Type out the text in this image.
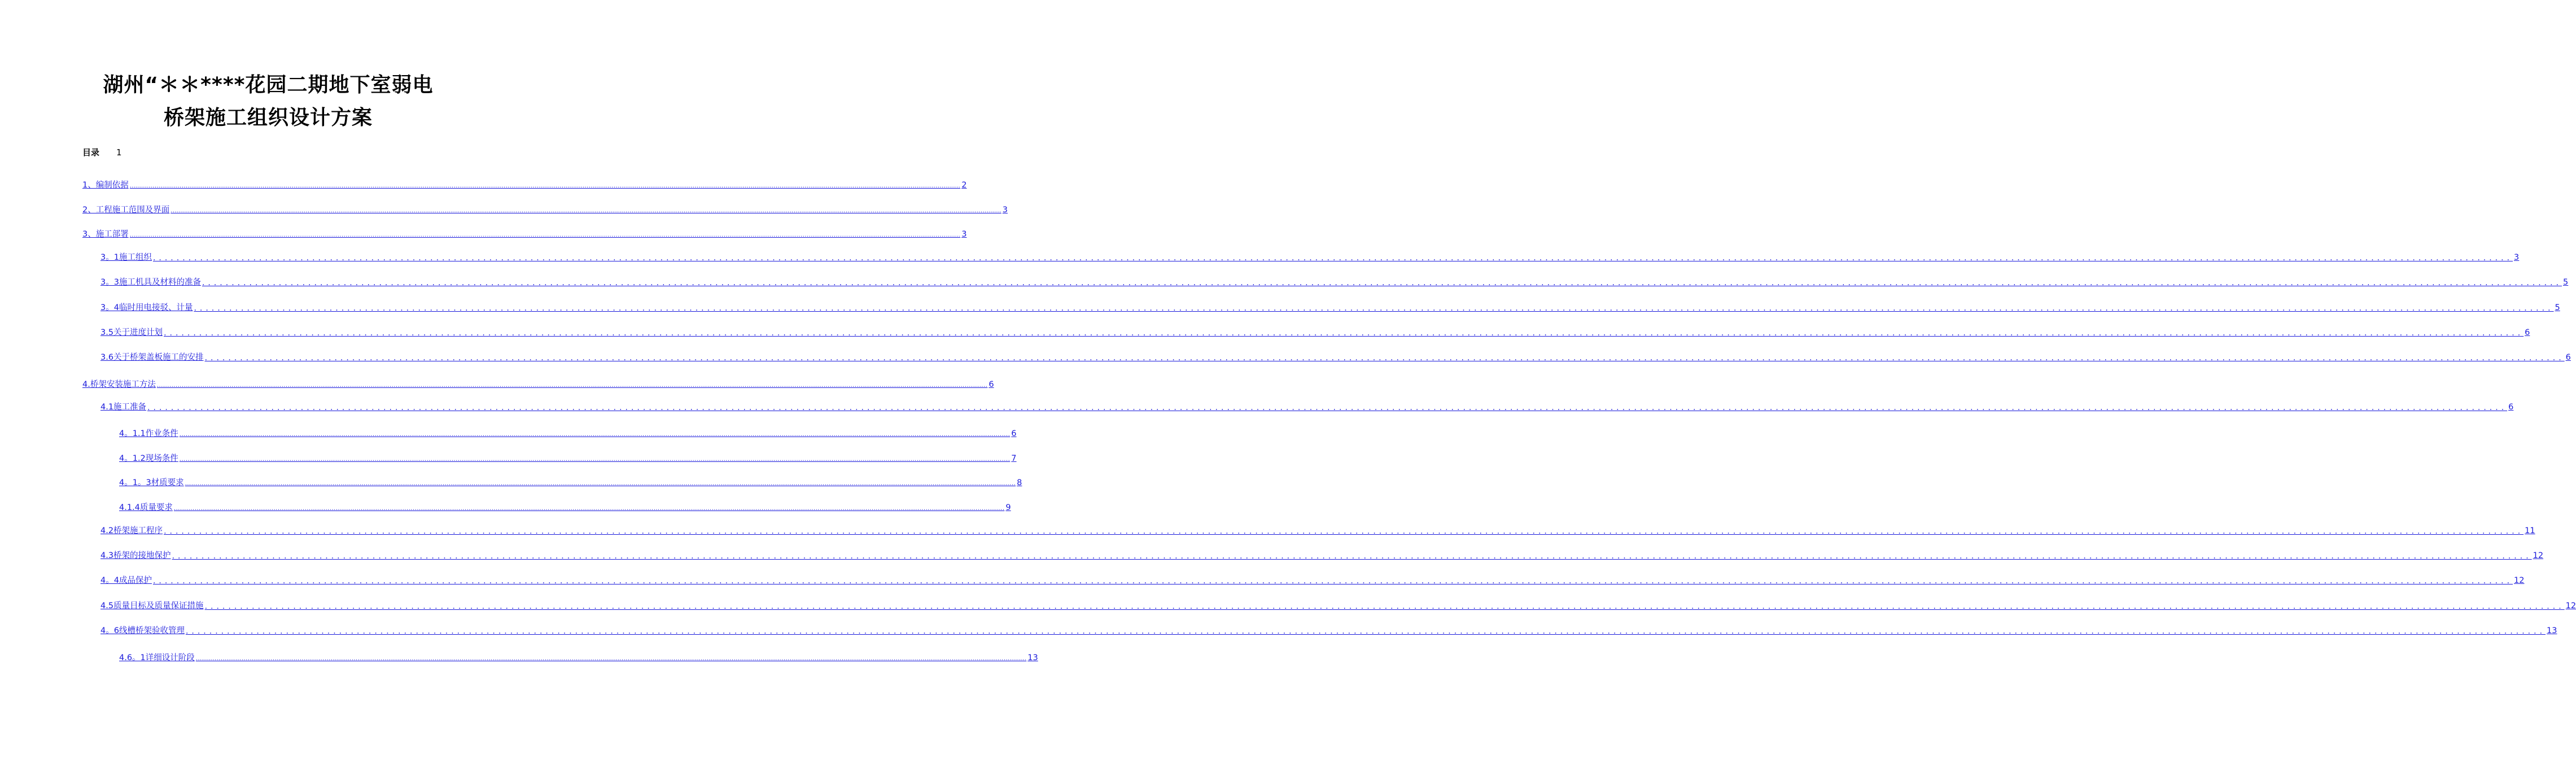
湖州“＊＊****花园二期地下室弱电
桥架施工组织设计方案
目录 1
1、编制依据 ................................................................................................................................................................................................................................................................................................................................................................................................................ 2
2、工程施工范围及界面 ................................................................................................................................................................................................................................................................................................................................................................................................................ 3
3、施工部署 ................................................................................................................................................................................................................................................................................................................................................................................................................ 3
3。1施工组织 ................................................................................................................................................................................................................................................................................................................................................................................................................ 3
3。3施工机具及材料的准备 ................................................................................................................................................................................................................................................................................................................................................................................................................ 5
3。4临时用电接驳、计量 ................................................................................................................................................................................................................................................................................................................................................................................................................ 5
3.5关于进度计划 ................................................................................................................................................................................................................................................................................................................................................................................................................ 6
3.6关于桥架盖板施工的安排 ................................................................................................................................................................................................................................................................................................................................................................................................................ 6
4.桥架安装施工方法 ................................................................................................................................................................................................................................................................................................................................................................................................................ 6
4.1施工准备 ................................................................................................................................................................................................................................................................................................................................................................................................................ 6
4。1.1作业条件 ................................................................................................................................................................................................................................................................................................................................................................................................................ 6
4。1.2现场条件 ................................................................................................................................................................................................................................................................................................................................................................................................................ 7
4。1。3材质要求 ................................................................................................................................................................................................................................................................................................................................................................................................................ 8
4.1.4质量要求 ................................................................................................................................................................................................................................................................................................................................................................................................................ 9
4.2桥架施工程序 ................................................................................................................................................................................................................................................................................................................................................................................................................ 11
4.3桥架的接地保护 ................................................................................................................................................................................................................................................................................................................................................................................................................ 12
4。4成品保护 ................................................................................................................................................................................................................................................................................................................................................................................................................ 12
4.5质量目标及质量保证措施 ................................................................................................................................................................................................................................................................................................................................................................................................................ 12
4。6线槽桥架验收管理 ................................................................................................................................................................................................................................................................................................................................................................................................................ 13
4.6。1详细设计阶段 ................................................................................................................................................................................................................................................................................................................................................................................................................ 13
